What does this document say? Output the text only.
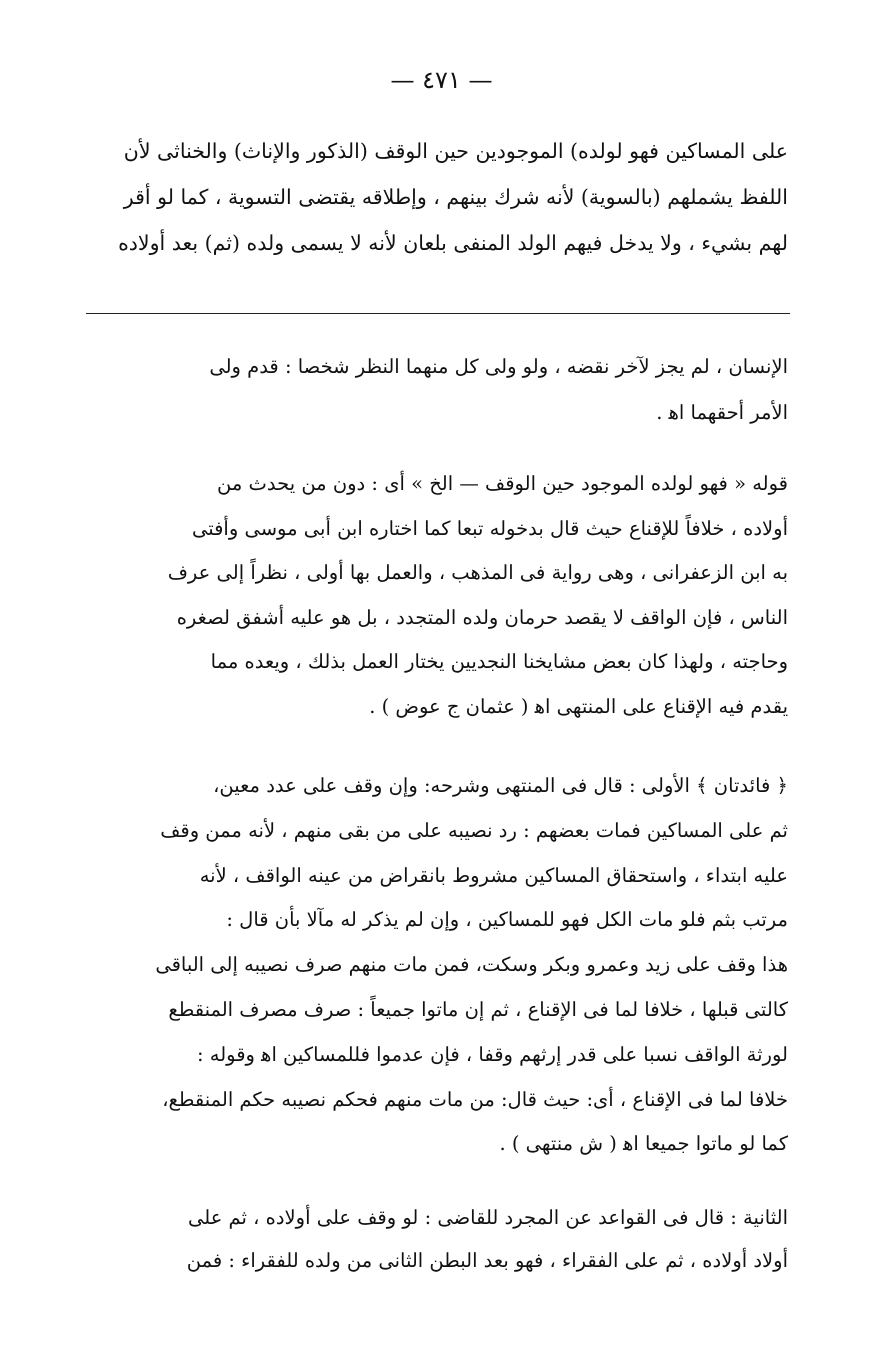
— ٤٧١ —

على المساكين فهو لولده) الموجودين حين الوقف (الذكور والإناث) والخناثى لأن

اللفظ يشملهم (بالسوية) لأنه شرك بينهم ، وإطلاقه يقتضى التسوية ، كما لو أقر

لهم بشيء ، ولا يدخل فيهم الولد المنفى بلعان لأنه لا يسمى ولده (ثم) بعد أولاده

الإنسان ، لم يجز لآخر نقضه ، ولو ولى كل منهما النظر شخصا : قدم ولى

الأمر أحقهما اﻫ .

قوله « فهو لولده الموجود حين الوقف — الخ » أى : دون من يحدث من

أولاده ، خلافاً للإقناع حيث قال بدخوله تبعا كما اختاره ابن أبى موسى وأفتى

به ابن الزعفرانى ، وهى رواية فى المذهب ، والعمل بها أولى ، نظراً إلى عرف

الناس ، فإن الواقف لا يقصد حرمان ولده المتجدد ، بل هو عليه أشفق لصغره

وحاجته ، ولهذا كان بعض مشايخنا النجديين يختار العمل بذلك ، ويعده مما

يقدم فيه الإقناع على المنتهى اﻫ ( عثمان ج عوض ) .

﴿ فائدتان ﴾ الأولى : قال فى المنتهى وشرحه: وإن وقف على عدد معين،

ثم على المساكين فمات بعضهم : رد نصيبه على من بقى منهم ، لأنه ممن وقف

عليه ابتداء ، واستحقاق المساكين مشروط بانقراض من عينه الواقف ، لأنه

مرتب بثم فلو مات الكل فهو للمساكين ، وإن لم يذكر له مآلا بأن قال :

هذا وقف على زيد وعمرو وبكر وسكت، فمن مات منهم صرف نصيبه إلى الباقى

كالتى قبلها ، خلافا لما فى الإقناع ، ثم إن ماتوا جميعاً : صرف مصرف المنقطع

لورثة الواقف نسبا على قدر إرثهم وقفا ، فإن عدموا فللمساكين اﻫ وقوله :

خلافا لما فى الإقناع ، أى: حيث قال: من مات منهم فحكم نصيبه حكم المنقطع،

كما لو ماتوا جميعا اﻫ ( ش منتهى ) .

الثانية : قال فى القواعد عن المجرد للقاضى : لو وقف على أولاده ، ثم على

أولاد أولاده ، ثم على الفقراء ، فهو بعد البطن الثانى من ولده للفقراء : فمن
